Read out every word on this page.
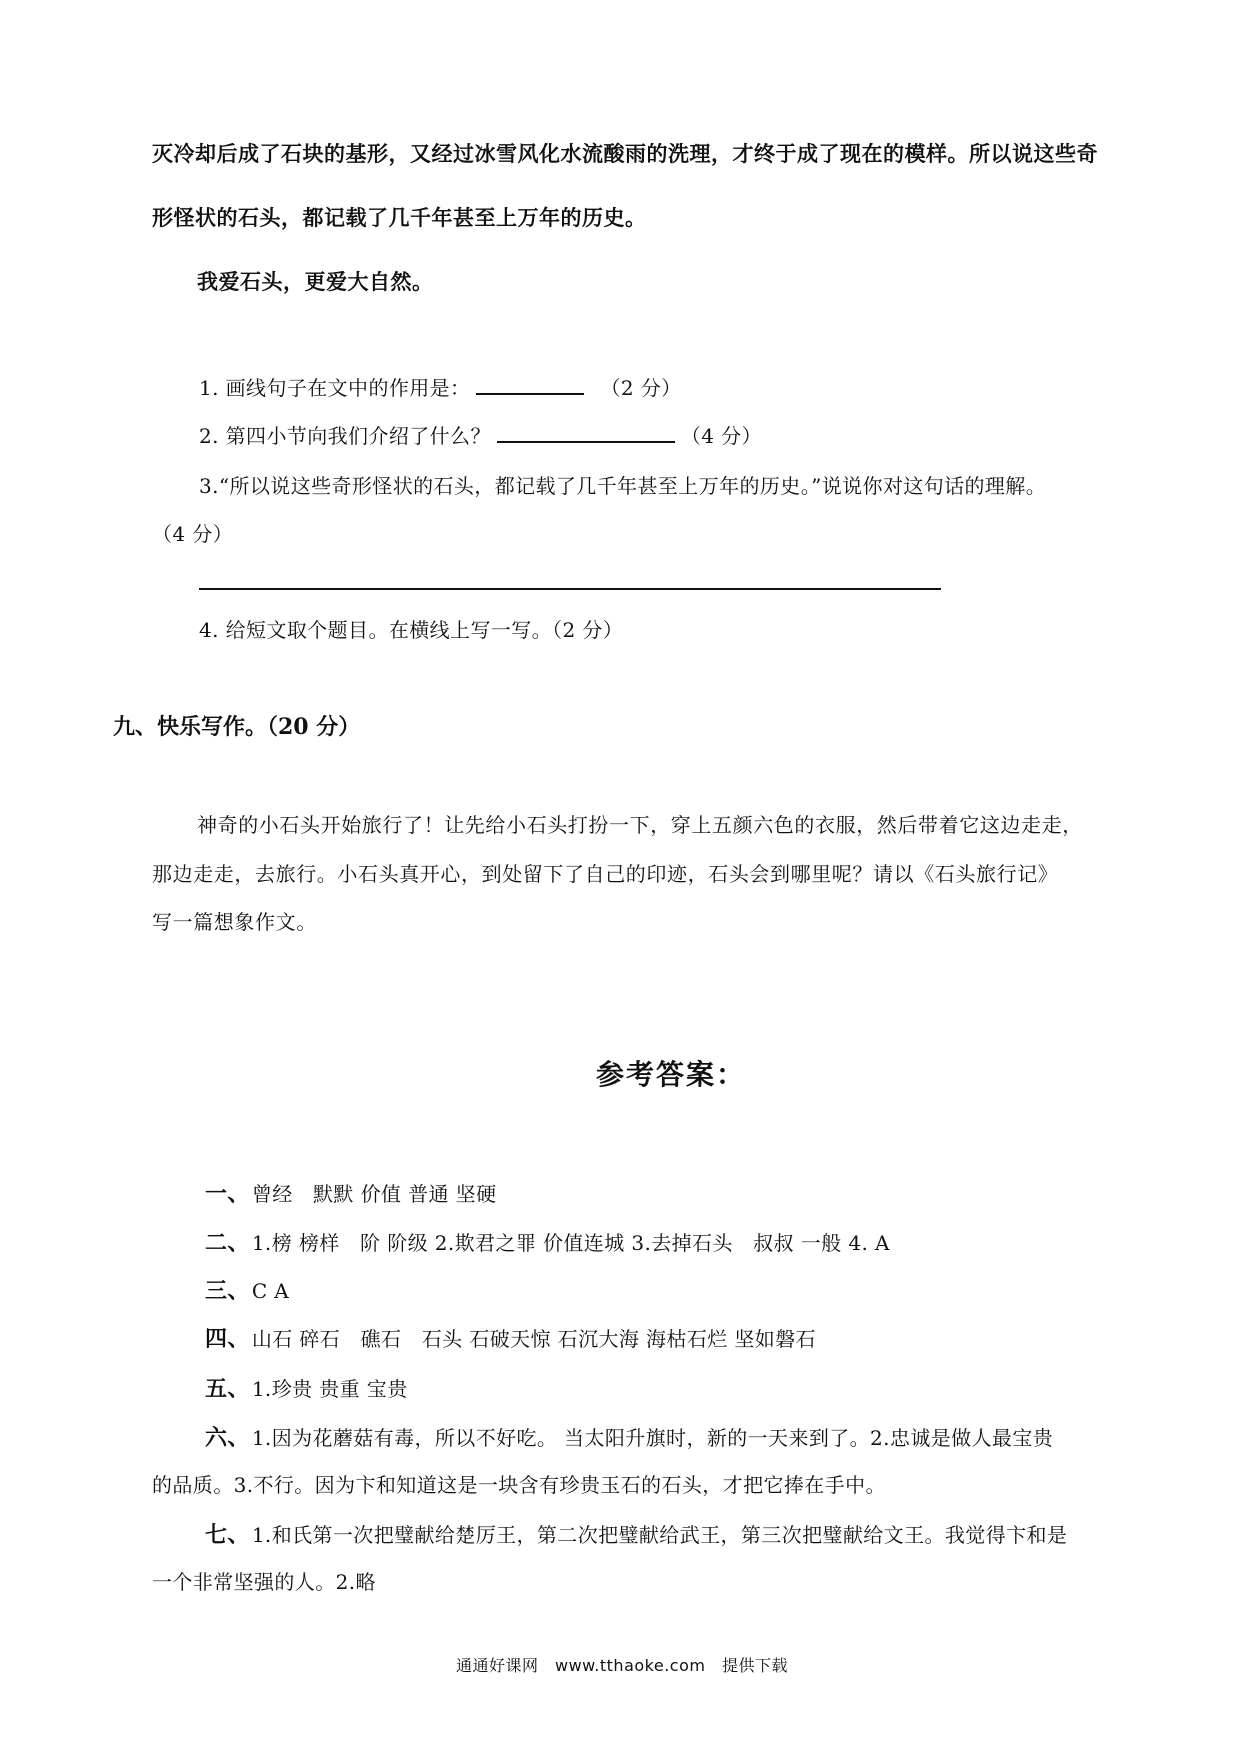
灭冷却后成了石块的基形，又经过冰雪风化水流酸雨的洗理，才终于成了现在的模样。所以说这些奇
形怪状的石头，都记载了几千年甚至上万年的历史。
我爱石头，更爱大自然。
1. 画线句子在文中的作用是：	（2 分）
2. 第四小节向我们介绍了什么？	（4 分）
3.“所以说这些奇形怪状的石头，都记载了几千年甚至上万年的历史。”说说你对这句话的理解。
（4 分）
4. 给短文取个题目。在横线上写一写。（2 分）
九、快乐写作。（20 分）
神奇的小石头开始旅行了！让先给小石头打扮一下，穿上五颜六色的衣服，然后带着它这边走走，
那边走走，去旅行。小石头真开心，到处留下了自己的印迹，石头会到哪里呢？请以《石头旅行记》
写一篇想象作文。
参考答案：
一、 曾经　默默 价值 普通 坚硬
二、 1.榜 榜样　阶 阶级 2.欺君之罪 价值连城 3.去掉石头　叔叔 一般 4. A
三、 C A
四、 山石 碎石　礁石　石头 石破天惊 石沉大海 海枯石烂 坚如磐石
五、 1.珍贵 贵重 宝贵
六、 1.因为花蘑菇有毒，所以不好吃。 当太阳升旗时，新的一天来到了。2.忠诚是做人最宝贵
的品质。3.不行。因为卞和知道这是一块含有珍贵玉石的石头，才把它捧在手中。
七、 1.和氏第一次把璧献给楚厉王，第二次把璧献给武王，第三次把璧献给文王。我觉得卞和是
一个非常坚强的人。2.略
通通好课网　www.tthaoke.com　提供下载
